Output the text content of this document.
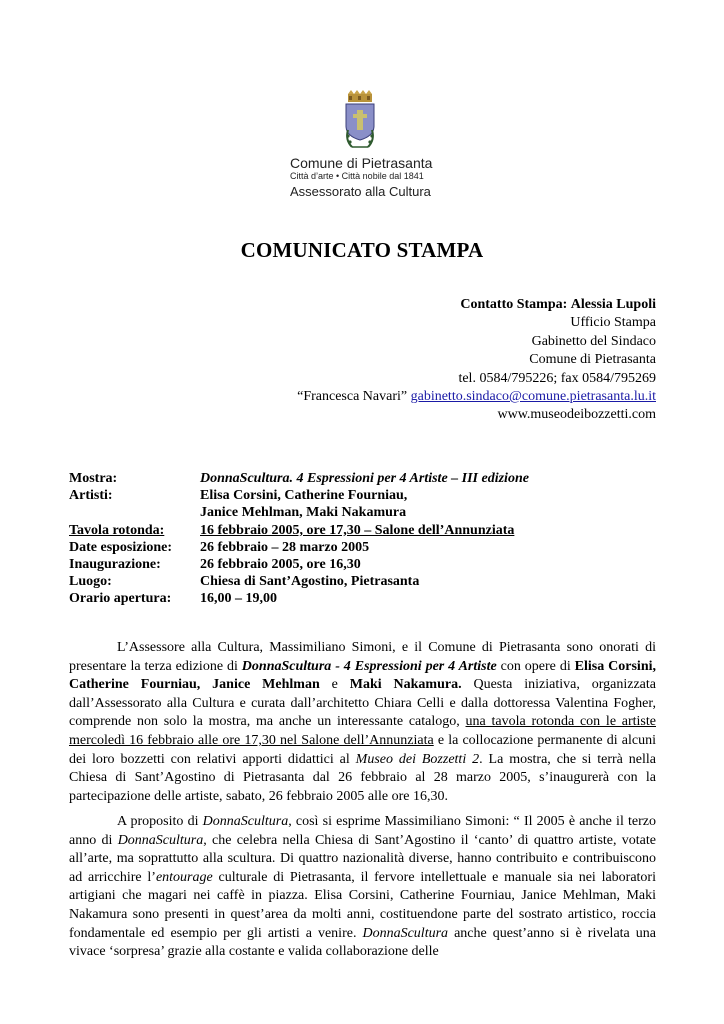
Comune di Pietrasanta
Città d’arte • Città nobile dal 1841
Assessorato alla Cultura
COMUNICATO STAMPA
Contatto Stampa: Alessia Lupoli
Ufficio Stampa
Gabinetto del Sindaco
Comune di Pietrasanta
tel. 0584/795226; fax 0584/795269
“Francesca Navari” gabinetto.sindaco@comune.pietrasanta.lu.it
www.museodeibozzetti.com
Mostra:	DonnaScultura. 4 Espressioni per 4 Artiste – III edizione
Artisti:	Elisa Corsini, Catherine Fourniau,
Janice Mehlman, Maki Nakamura
Tavola rotonda:	16 febbraio 2005, ore 17,30 – Salone dell’Annunziata
Date esposizione:	26 febbraio – 28 marzo 2005
Inaugurazione:	26 febbraio 2005, ore 16,30
Luogo:	Chiesa di Sant’Agostino, Pietrasanta
Orario apertura:	16,00 – 19,00

L’Assessore alla Cultura, Massimiliano Simoni, e il Comune di Pietrasanta sono onorati di presentare la terza edizione di DonnaScultura - 4 Espressioni per 4 Artiste con opere di Elisa Corsini, Catherine Fourniau, Janice Mehlman e Maki Nakamura. Questa iniziativa, organizzata dall’Assessorato alla Cultura e curata dall’architetto Chiara Celli e dalla dottoressa Valentina Fogher, comprende non solo la mostra, ma anche un interessante catalogo, una tavola rotonda con le artiste mercoledì 16 febbraio alle ore 17,30 nel Salone dell’Annunziata e la collocazione permanente di alcuni dei loro bozzetti con relativi apporti didattici al Museo dei Bozzetti 2. La mostra, che si terrà nella Chiesa di Sant’Agostino di Pietrasanta dal 26 febbraio al 28 marzo 2005, s’inaugurerà con la partecipazione delle artiste, sabato, 26 febbraio 2005 alle ore 16,30.

A proposito di DonnaScultura, così si esprime Massimiliano Simoni: “ Il 2005 è anche il terzo anno di DonnaScultura, che celebra nella Chiesa di Sant’Agostino il ‘canto’ di quattro artiste, votate all’arte, ma soprattutto alla scultura. Di quattro nazionalità diverse, hanno contribuito e contribuiscono ad arricchire l’entourage culturale di Pietrasanta, il fervore intellettuale e manuale sia nei laboratori artigiani che magari nei caffè in piazza. Elisa Corsini, Catherine Fourniau, Janice Mehlman, Maki Nakamura sono presenti in quest’area da molti anni, costituendone parte del sostrato artistico, roccia fondamentale ed esempio per gli artisti a venire. DonnaScultura anche quest’anno si è rivelata una vivace ‘sorpresa’ grazie alla costante e valida collaborazione delle
